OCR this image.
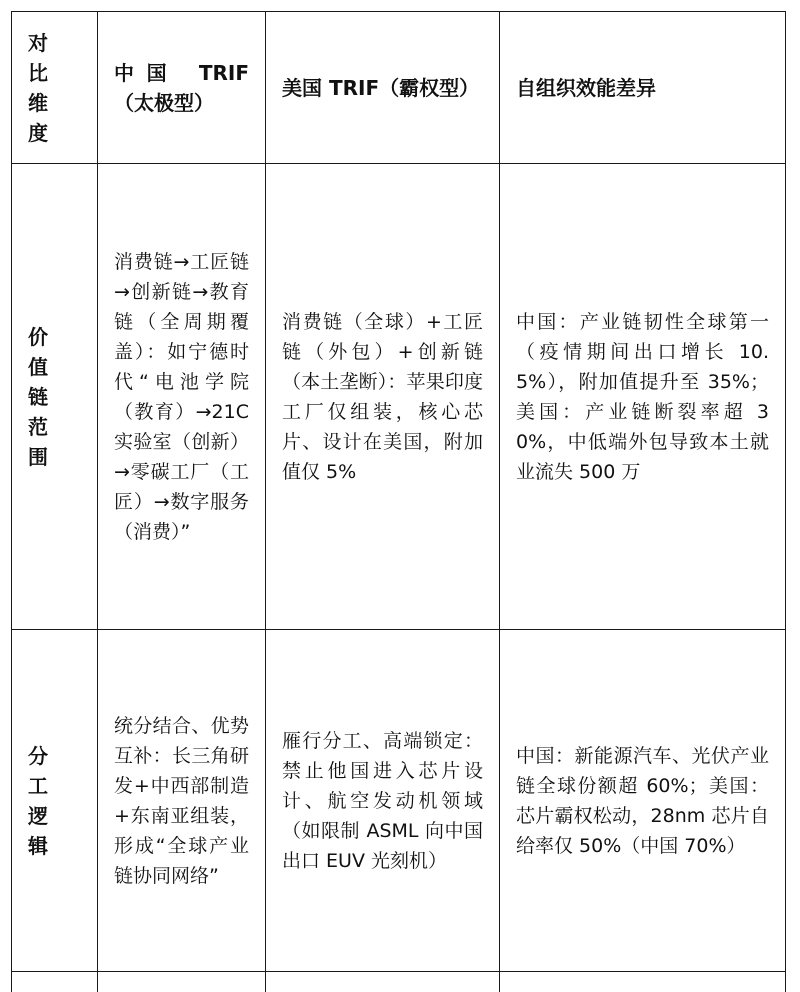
对比维度	中国 TRIF（太极型）	美国 TRIF（霸权型）	自组织效能差异

价值链范围	消费链→工匠链→创新链→教育链（全周期覆盖）：如宁德时代“电池学院（教育）→21C实验室（创新）→零碳工厂（工匠）→数字服务（消费）”	消费链（全球）+工匠链（外包）+创新链（本土垄断）：苹果印度工厂仅组装，核心芯片、设计在美国，附加值仅 5%	中国：产业链韧性全球第一（疫情期间出口增长 10.5%），附加值提升至 35%；美国：产业链断裂率超 30%，中低端外包导致本土就业流失 500 万

分工逻辑	统分结合、优势互补：长三角研发+中西部制造+东南亚组装，形成“全球产业链协同网络”	雁行分工、高端锁定：禁止他国进入芯片设计、航空发动机领域（如限制 ASML 向中国出口 EUV 光刻机）	中国：新能源汽车、光伏产业链全球份额超 60%；美国：芯片霸权松动，28nm 芯片自给率仅 50%（中国 70%）
